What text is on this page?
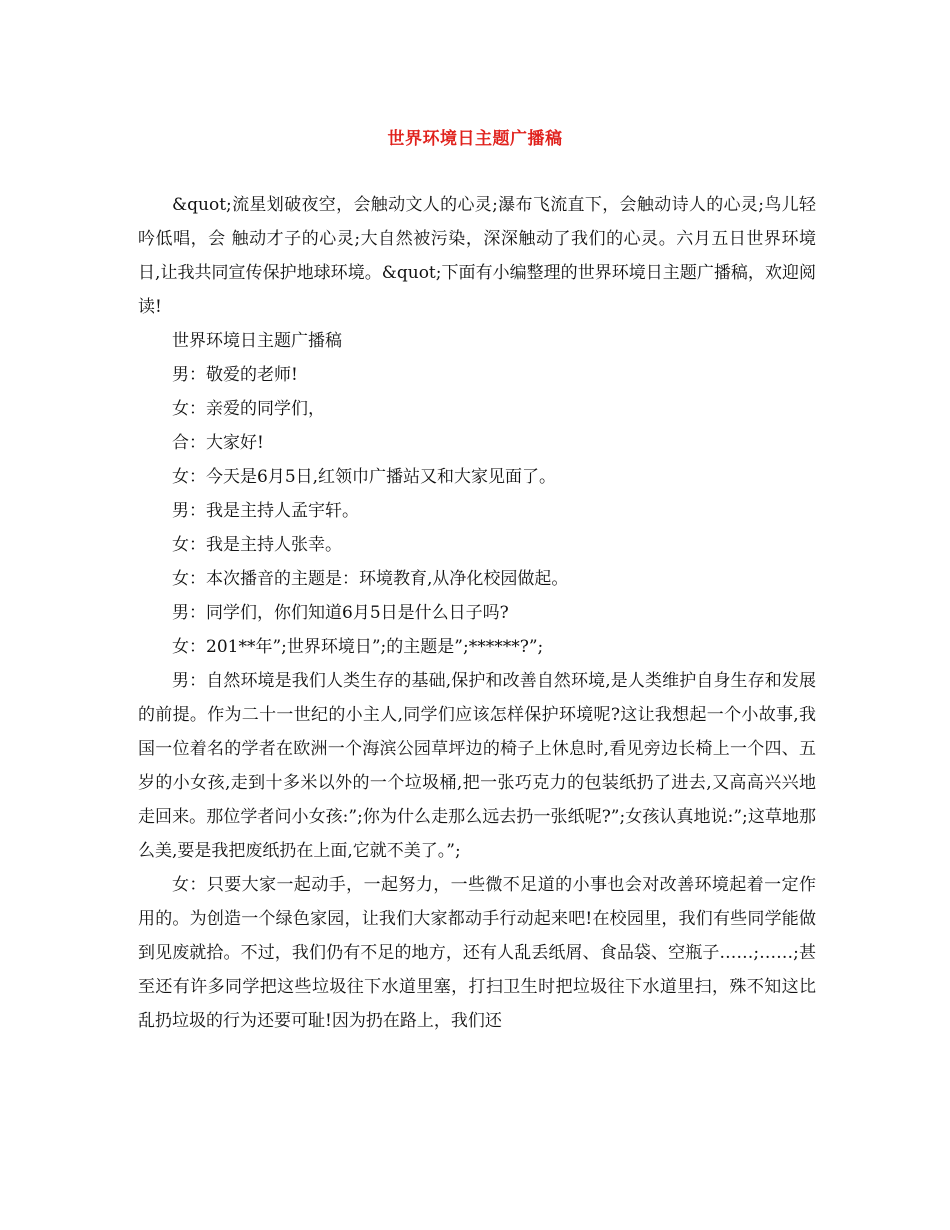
世界环境日主题广播稿

&quot;流星划破夜空，会触动文人的心灵;瀑布飞流直下，会触动诗人的心灵;鸟儿轻吟低唱，会 触动才子的心灵;大自然被污染，深深触动了我们的心灵。六月五日世界环境日,让我共同宣传保护地球环境。&quot;下面有小编整理的世界环境日主题广播稿，欢迎阅读!

世界环境日主题广播稿

男：敬爱的老师!

女：亲爱的同学们，

合：大家好!

女：今天是6月5日,红领巾广播站又和大家见面了。

男：我是主持人孟宇轩。

女：我是主持人张幸。

女：本次播音的主题是：环境教育,从净化校园做起。

男：同学们，你们知道6月5日是什么日子吗?

女：201**年”;世界环境日”;的主题是”;******?”;

男：自然环境是我们人类生存的基础,保护和改善自然环境,是人类维护自身生存和发展的前提。作为二十一世纪的小主人,同学们应该怎样保护环境呢?这让我想起一个小故事,我国一位着名的学者在欧洲一个海滨公园草坪边的椅子上休息时,看见旁边长椅上一个四、五岁的小女孩,走到十多米以外的一个垃圾桶,把一张巧克力的包装纸扔了进去,又高高兴兴地走回来。那位学者问小女孩:”;你为什么走那么远去扔一张纸呢?”;女孩认真地说:”;这草地那么美,要是我把废纸扔在上面,它就不美了。”;

女：只要大家一起动手，一起努力，一些微不足道的小事也会对改善环境起着一定作用的。为创造一个绿色家园，让我们大家都动手行动起来吧!在校园里，我们有些同学能做到见废就拾。不过，我们仍有不足的地方，还有人乱丢纸屑、食品袋、空瓶子……;……;甚至还有许多同学把这些垃圾往下水道里塞，打扫卫生时把垃圾往下水道里扫，殊不知这比乱扔垃圾的行为还要可耻!因为扔在路上，我们还
